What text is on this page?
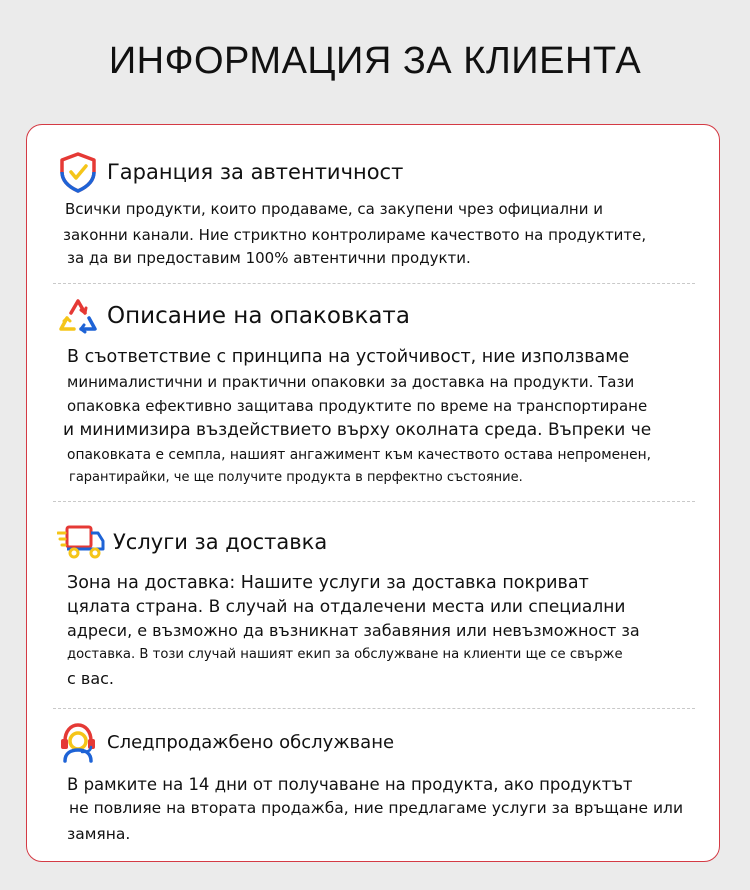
ИНФОРМАЦИЯ ЗА КЛИЕНТА
Гаранция за автентичност
Всички продукти, които продаваме, са закупени чрез официални и
законни канали. Ние стриктно контролираме качеството на продуктите,
за да ви предоставим 100% автентични продукти.
Описание на опаковката
В съответствие с принципа на устойчивост, ние използваме
минималистични и практични опаковки за доставка на продукти. Тази
опаковка ефективно защитава продуктите по време на транспортиране
и минимизира въздействието върху околната среда. Въпреки че
опаковката е семпла, нашият ангажимент към качеството остава непроменен,
гарантирайки, че ще получите продукта в перфектно състояние.
Услуги за доставка
Зона на доставка: Нашите услуги за доставка покриват
цялата страна. В случай на отдалечени места или специални
адреси, е възможно да възникнат забавяния или невъзможност за
доставка. В този случай нашият екип за обслужване на клиенти ще се свърже
с вас.
Следпродажбено обслужване
В рамките на 14 дни от получаване на продукта, ако продуктът
не повлияе на втората продажба, ние предлагаме услуги за връщане или
замяна.
